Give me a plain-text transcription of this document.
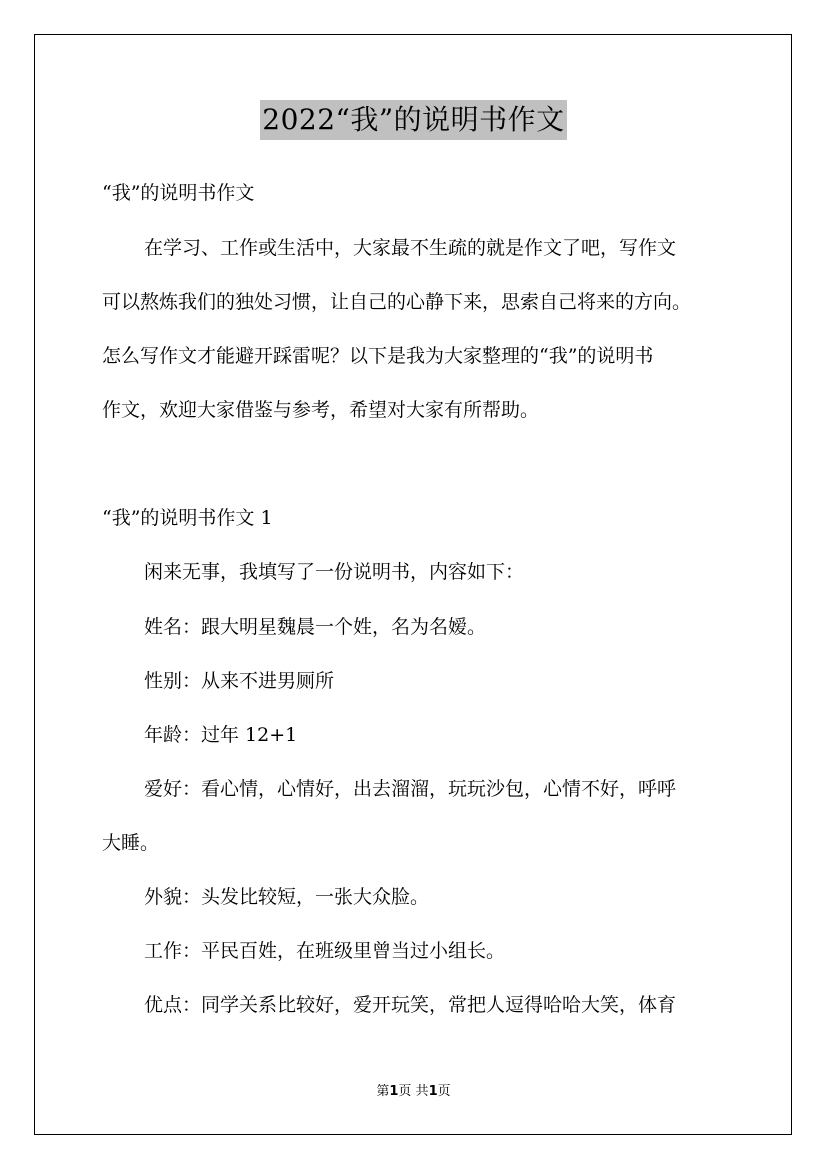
2022“我”的说明书作文

“我”的说明书作文

在学习、工作或生活中，大家最不生疏的就是作文了吧，写作文

可以熬炼我们的独处习惯，让自己的心静下来，思索自己将来的方向。

怎么写作文才能避开踩雷呢？以下是我为大家整理的“我”的说明书

作文，欢迎大家借鉴与参考，希望对大家有所帮助。

“我”的说明书作文 1

闲来无事，我填写了一份说明书，内容如下：

姓名：跟大明星魏晨一个姓，名为名嫒。

性别：从来不进男厕所

年龄：过年 12+1

爱好：看心情，心情好，出去溜溜，玩玩沙包，心情不好，呼呼

大睡。

外貌：头发比较短，一张大众脸。

工作：平民百姓，在班级里曾当过小组长。

优点：同学关系比较好，爱开玩笑，常把人逗得哈哈大笑，体育

第1页 共1页
